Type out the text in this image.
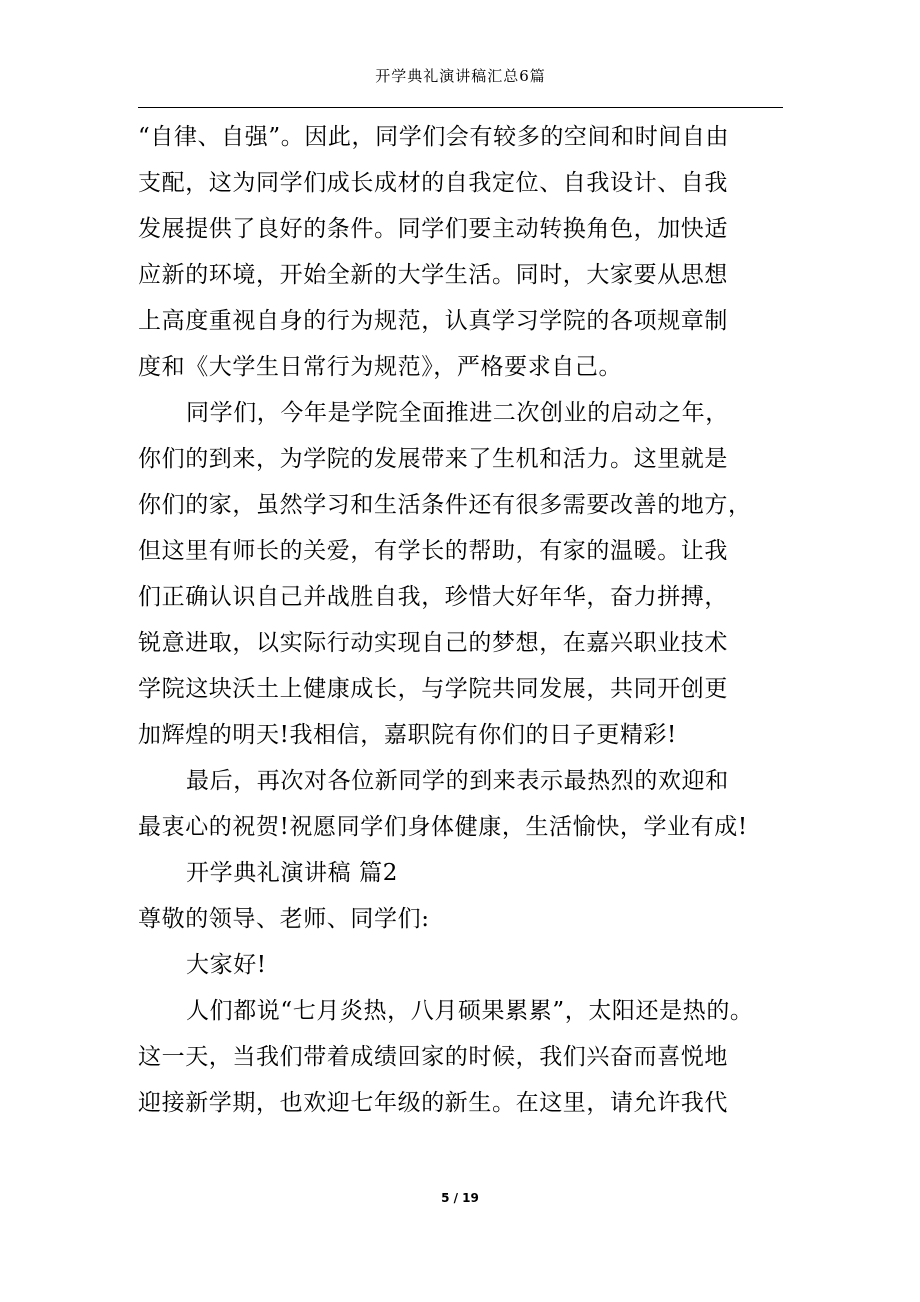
开学典礼演讲稿汇总6篇
“自律、自强”。因此，同学们会有较多的空间和时间自由
支配，这为同学们成长成材的自我定位、自我设计、自我
发展提供了良好的条件。同学们要主动转换角色，加快适
应新的环境，开始全新的大学生活。同时，大家要从思想
上高度重视自身的行为规范，认真学习学院的各项规章制
度和《大学生日常行为规范》，严格要求自己。
同学们，今年是学院全面推进二次创业的启动之年，
你们的到来，为学院的发展带来了生机和活力。这里就是
你们的家，虽然学习和生活条件还有很多需要改善的地方，
但这里有师长的关爱，有学长的帮助，有家的温暖。让我
们正确认识自己并战胜自我，珍惜大好年华，奋力拼搏，
锐意进取，以实际行动实现自己的梦想，在嘉兴职业技术
学院这块沃土上健康成长，与学院共同发展，共同开创更
加辉煌的明天!我相信，嘉职院有你们的日子更精彩!
最后，再次对各位新同学的到来表示最热烈的欢迎和
最衷心的祝贺!祝愿同学们身体健康，生活愉快，学业有成!
开学典礼演讲稿 篇2
尊敬的领导、老师、同学们:
大家好!
人们都说“七月炎热，八月硕果累累”，太阳还是热的。
这一天，当我们带着成绩回家的时候，我们兴奋而喜悦地
迎接新学期，也欢迎七年级的新生。在这里，请允许我代
5 / 19
